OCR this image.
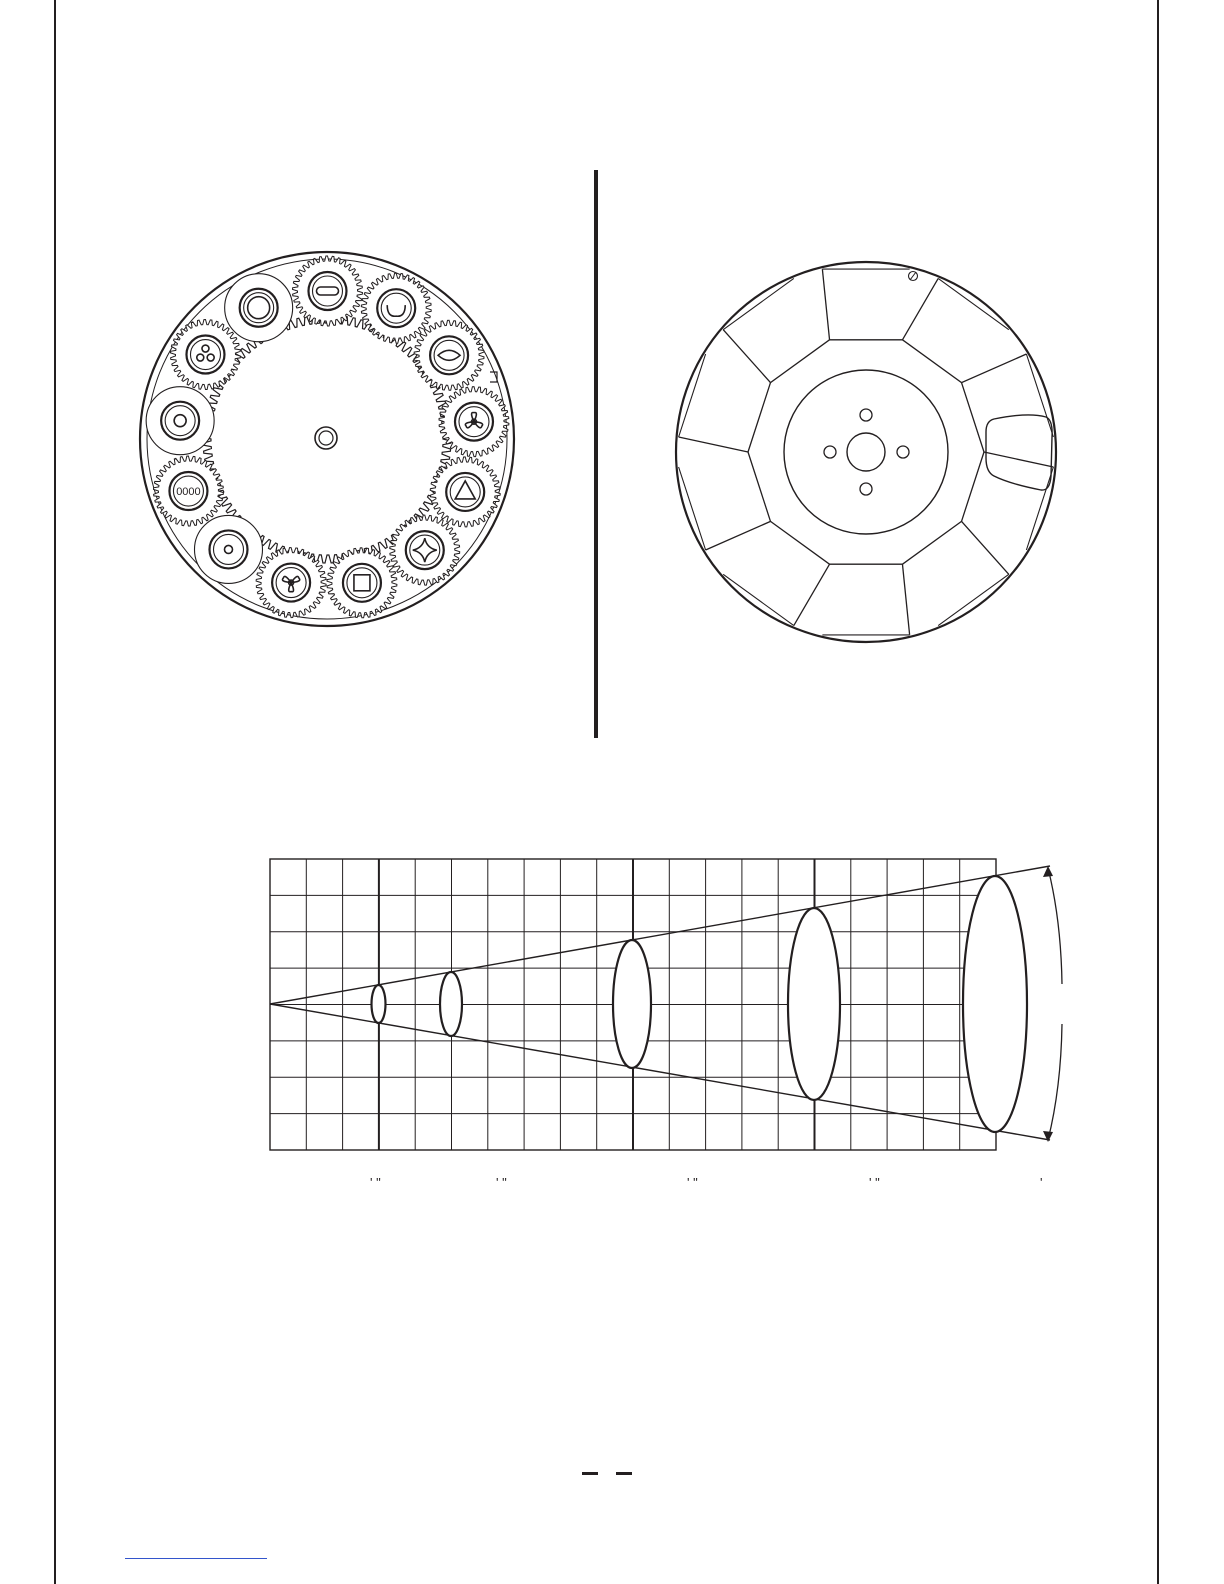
0000
' "	' "	' "	' "	'
